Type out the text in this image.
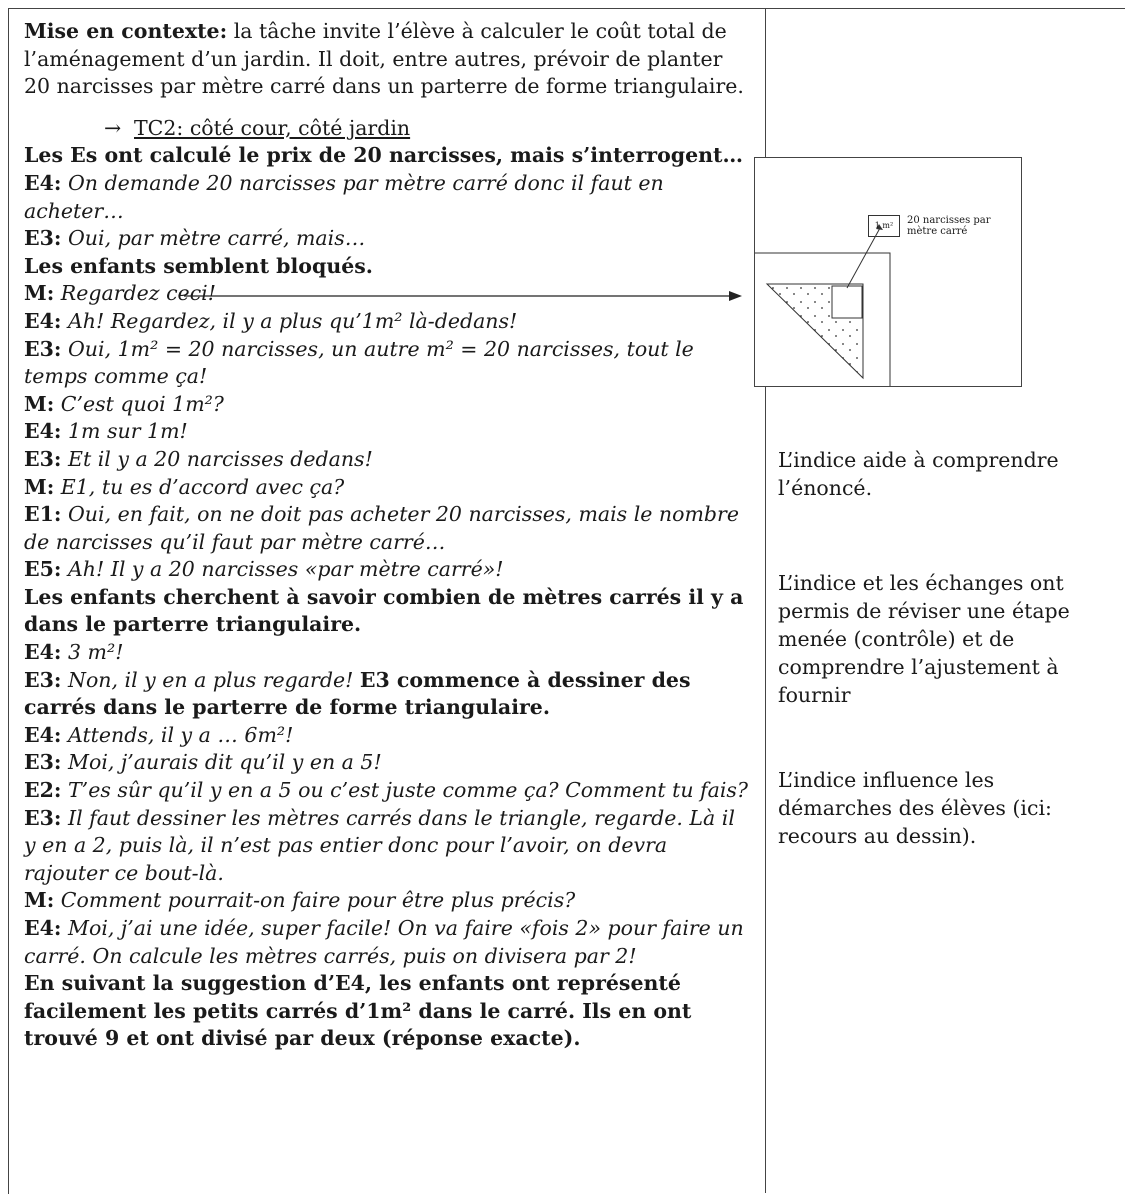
Mise en contexte: la tâche invite l’élève à calculer le coût total de l’aménagement d’un jardin. Il doit, entre autres, prévoir de planter 20 narcisses par mètre carré dans un parterre de forme triangulaire.

→ TC2: côté cour, côté jardin

Les Es ont calculé le prix de 20 narcisses, mais s’interrogent…

E4: On demande 20 narcisses par mètre carré donc il faut en acheter…

E3: Oui, par mètre carré, mais…

Les enfants semblent bloqués.

M: Regardez ceci!

E4: Ah! Regardez, il y a plus qu’1m² là-dedans!

E3: Oui, 1m² = 20 narcisses, un autre m² = 20 narcisses, tout le temps comme ça!

M: C’est quoi 1m²?

E4: 1m sur 1m!

E3: Et il y a 20 narcisses dedans!

M: E1, tu es d’accord avec ça?

E1: Oui, en fait, on ne doit pas acheter 20 narcisses, mais le nombre de narcisses qu’il faut par mètre carré…

E5: Ah! Il y a 20 narcisses «par mètre carré»!

Les enfants cherchent à savoir combien de mètres carrés il y a dans le parterre triangulaire.

E4: 3 m²!

E3: Non, il y en a plus regarde! E3 commence à dessiner des carrés dans le parterre de forme triangulaire.

E4: Attends, il y a … 6m²!

E3: Moi, j’aurais dit qu’il y en a 5!

E2: T’es sûr qu’il y en a 5 ou c’est juste comme ça? Comment tu fais?

E3: Il faut dessiner les mètres carrés dans le triangle, regarde. Là il y en a 2, puis là, il n’est pas entier donc pour l’avoir, on devra rajouter ce bout-là.

M: Comment pourrait-on faire pour être plus précis?

E4: Moi, j’ai une idée, super facile! On va faire «fois 2» pour faire un carré. On calcule les mètres carrés, puis on divisera par 2!

En suivant la suggestion d’E4, les enfants ont représenté facilement les petits carrés d’1m² dans le carré. Ils en ont trouvé 9 et ont divisé par deux (réponse exacte).

1 m²	20 narcisses par mètre carré
L’indice aide à comprendre l’énoncé.
L’indice et les échanges ont permis de réviser une étape menée (contrôle) et de comprendre l’ajustement à fournir
L’indice influence les démarches des élèves (ici: recours au dessin).
